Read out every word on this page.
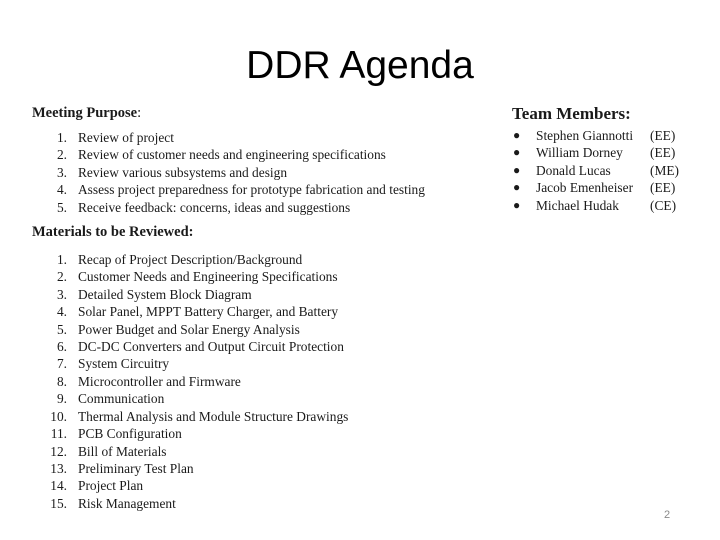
DDR Agenda
Meeting Purpose:
1. Review of project
2. Review of customer needs and engineering specifications
3. Review various subsystems and design
4. Assess project preparedness for prototype fabrication and testing
5. Receive feedback: concerns, ideas and suggestions
Materials to be Reviewed:
1. Recap of Project Description/Background
2. Customer Needs and Engineering Specifications
3. Detailed System Block Diagram
4. Solar Panel, MPPT Battery Charger, and Battery
5. Power Budget and Solar Energy Analysis
6. DC-DC Converters and Output Circuit Protection
7. System Circuitry
8. Microcontroller and Firmware
9. Communication
10. Thermal Analysis and Module Structure Drawings
11. PCB Configuration
12. Bill of Materials
13. Preliminary Test Plan
14. Project Plan
15. Risk Management
Team Members:
● Stephen Giannotti (EE)
● William Dorney (EE)
● Donald Lucas	(ME)
● Jacob Emenheiser (EE)
● Michael Hudak (CE)
2
